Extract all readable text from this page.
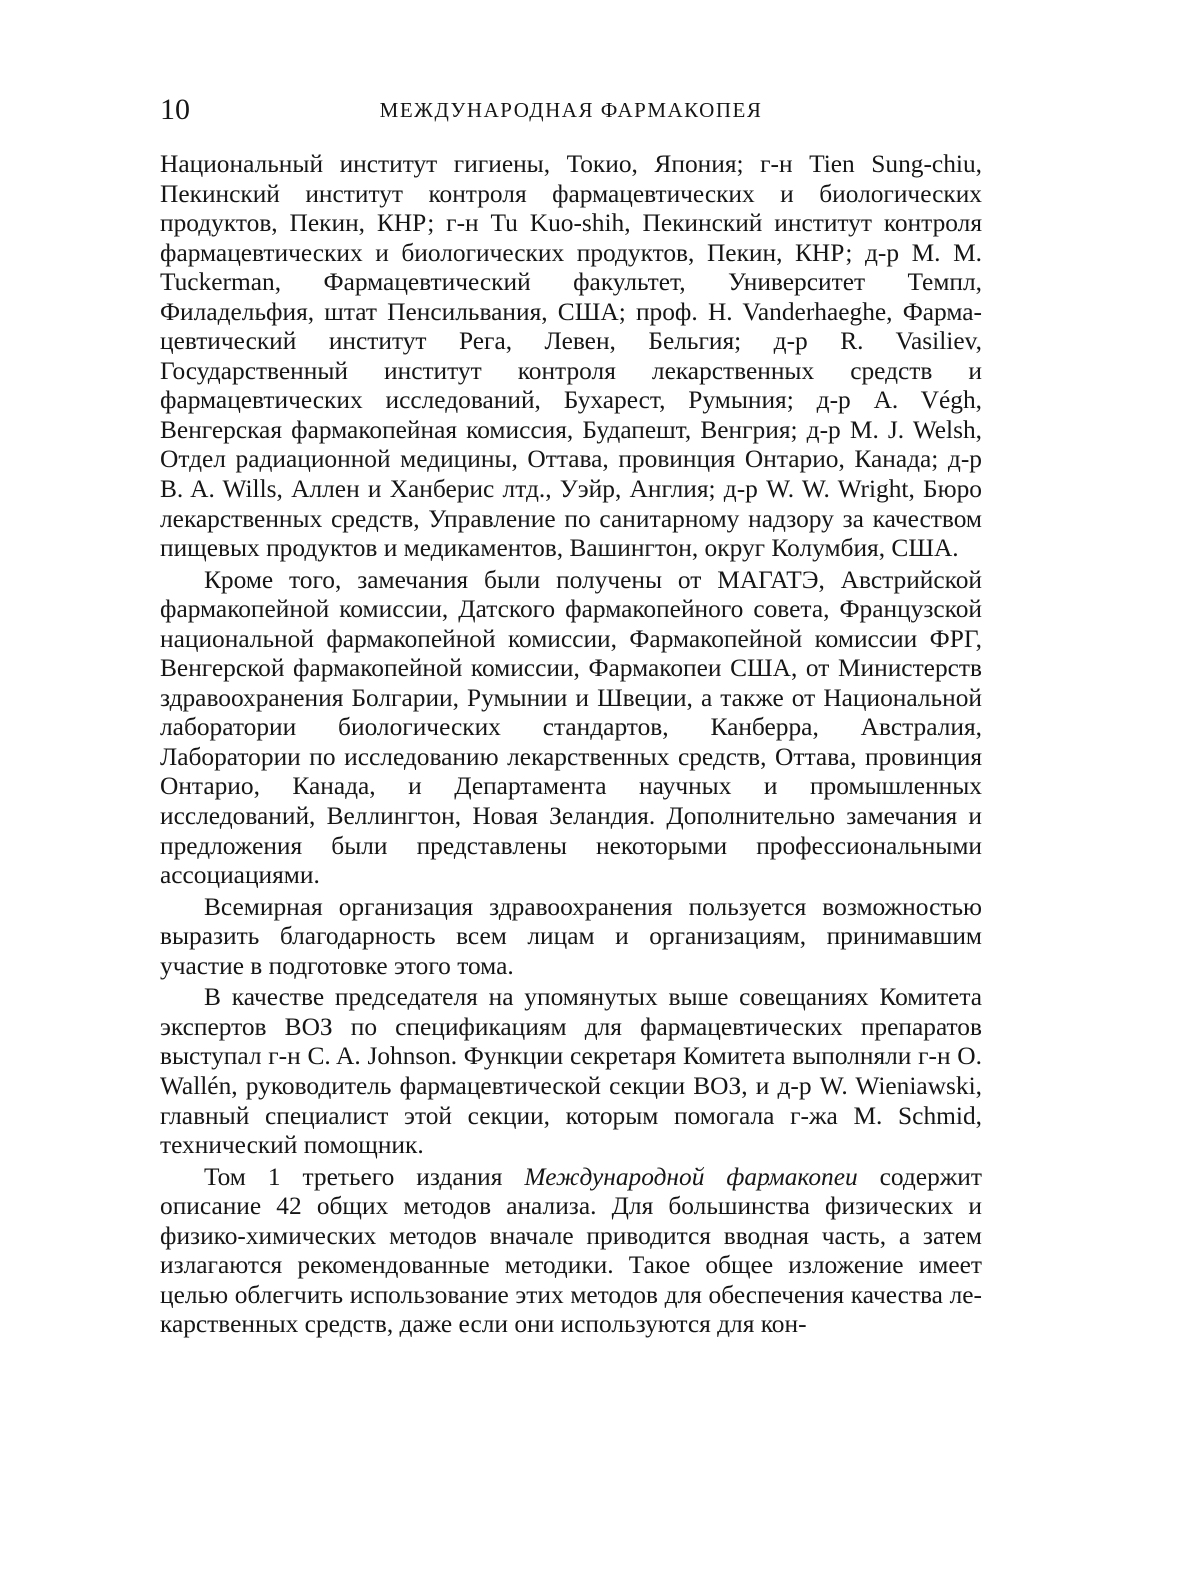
10	МЕЖДУНАРОДНАЯ ФАРМАКОПЕЯ

Национальный институт гигиены, Токио, Япония; г-н Tien Sung-chiu, Пекинский институт контроля фармацевтических и биологических продуктов, Пекин, КНР; г-н Tu Kuo-shih, Пекинский институт контроля фармацевтических и биологических продуктов, Пекин, КНР; д-р M. M. Tuckerman, Фармацевтический факультет, Университет Темпл, Филадельфия, штат Пенсильвания, США; проф. H. Vanderhaeghe, Фармацевтический институт Рега, Левен, Бельгия; д-р R. Vasiliev, Государственный институт контроля лекарственных средств и фармацевтических исследований, Бухарест, Румыния; д-р A. Végh, Венгерская фармакопейная комиссия, Будапешт, Венгрия; д-р M. J. Welsh, Отдел радиационной медицины, Оттава, провинция Онтарио, Канада; д-р B. A. Wills, Аллен и Ханберис лтд., Уэйр, Англия; д-р W. W. Wright, Бюро лекарственных средств, Управление по санитарному надзору за качеством пищевых продуктов и медикаментов, Вашингтон, округ Колумбия, США.

Кроме того, замечания были получены от МАГАТЭ, Австрийской фармакопейной комиссии, Датского фармакопейного совета, Французской национальной фармакопейной комиссии, Фармакопейной комиссии ФРГ, Венгерской фармакопейной комиссии, Фармакопеи США, от Министерств здравоохранения Болгарии, Румынии и Швеции, а также от Национальной лаборатории биологических стандартов, Канберра, Австралия, Лаборатории по исследованию лекарственных средств, Оттава, провинция Онтарио, Канада, и Департамента научных и промышленных исследований, Веллингтон, Новая Зеландия. Дополнительно замечания и предложения были представлены некоторыми профессиональными ассоциациями.

Всемирная организация здравоохранения пользуется возможностью выразить благодарность всем лицам и организациям, принимавшим участие в подготовке этого тома.

В качестве председателя на упомянутых выше совещаниях Комитета экспертов ВОЗ по спецификациям для фармацевтических препаратов выступал г-н C. A. Johnson. Функции секретаря Комитета выполняли г-н O. Wallén, руководитель фармацевтической секции ВОЗ, и д-р W. Wieniawski, главный специалист этой секции, которым помогала г-жа M. Schmid, технический помощник.

Том 1 третьего издания Международной фармакопеи содержит описание 42 общих методов анализа. Для большинства физических и физико-химических методов вначале приводится вводная часть, а затем излагаются рекомендованные методики. Такое общее изложение имеет целью облегчить использование этих методов для обеспечения качества лекарственных средств, даже если они используются для кон-
